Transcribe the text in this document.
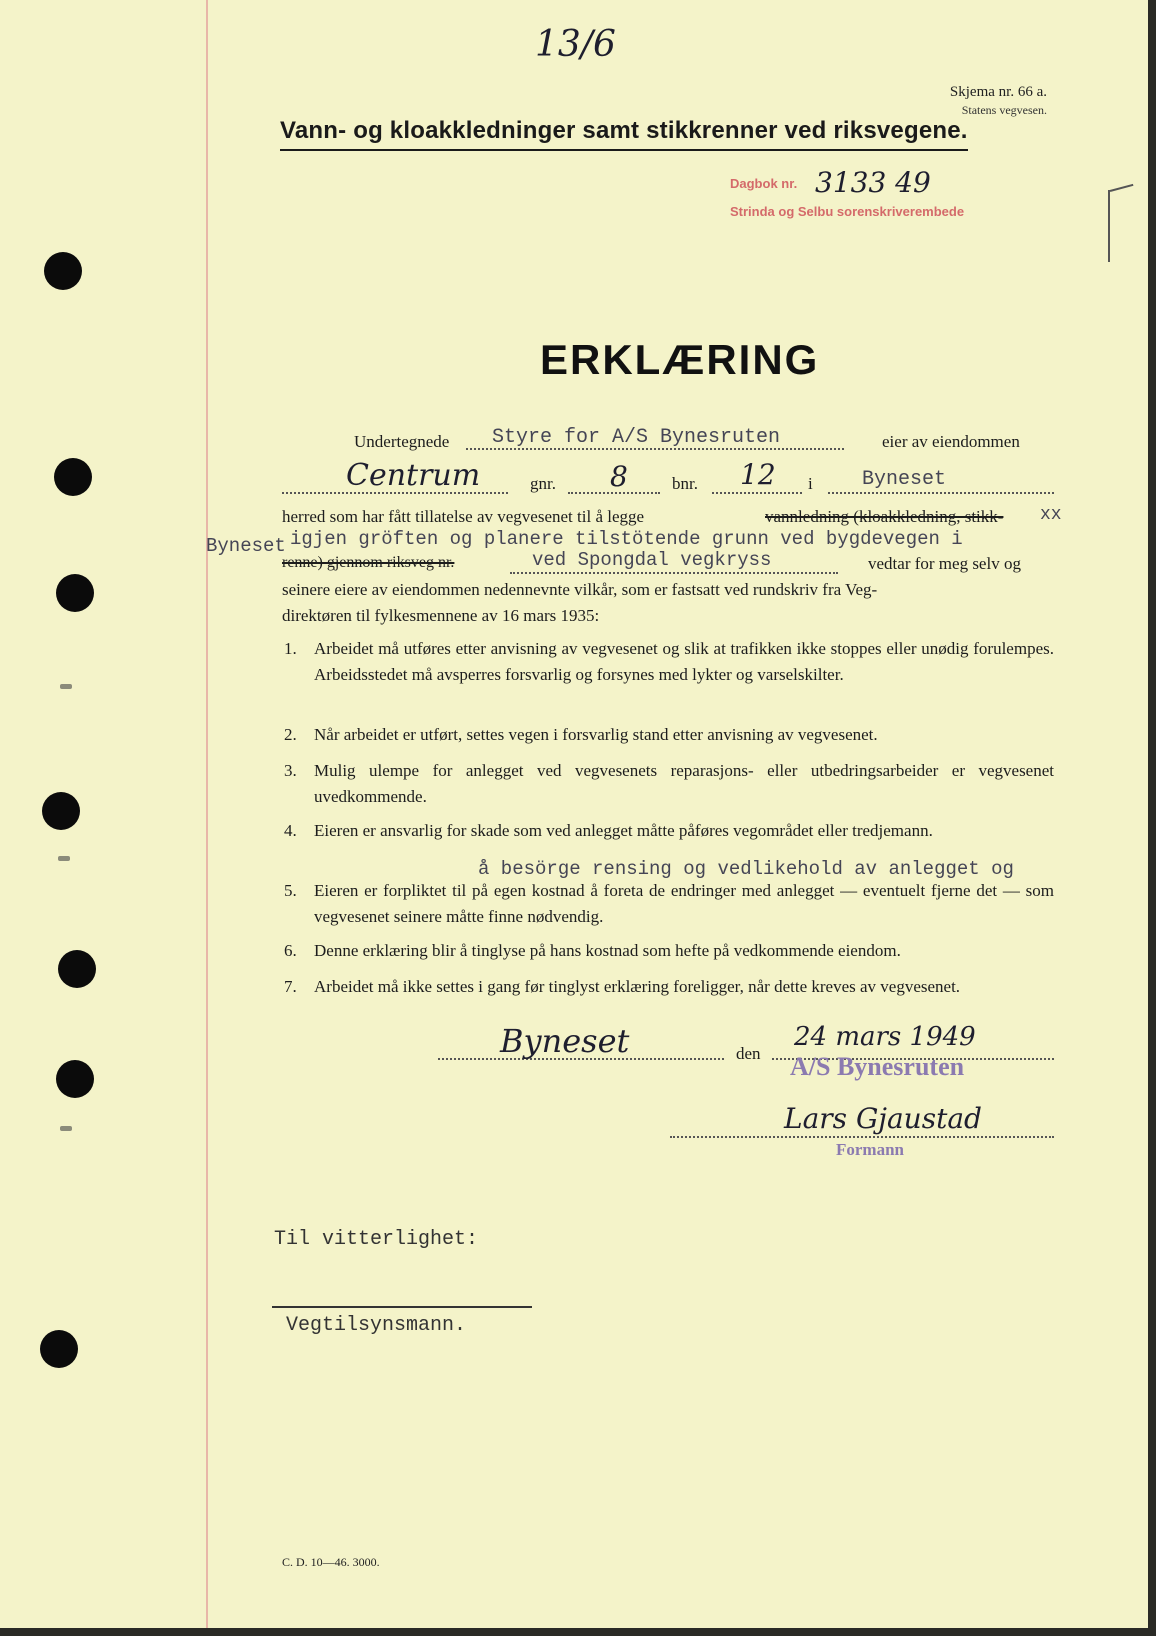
13/6
Skjema nr. 66 a.
Statens vegvesen.
Vann- og kloakkledninger samt stikkrenner ved riksvegene.
Dagbok nr. 3133 49
Strinda og Selbu sorenskriverembede
ERKLÆRING
Undertegnede Styre for A/S Bynesruten	eier av eiendommen
Centrum	gnr. 8	bnr. 12 i Byneset
herred som har fått tillatelse av vegvesenet til å legge	vannledning (kloakkledning, stikk- xx
Byneset igjen gröften og planere tilstötende grunn ved bygdevegen i
renne) gjennom riksveg nr.	ved Spongdal vegkryss	vedtar for meg selv og
seinere eiere av eiendommen nedennevnte vilkår, som er fastsatt ved rundskriv fra Veg-
direktøren til fylkesmennene av 16 mars 1935:
1.	Arbeidet må utføres etter anvisning av vegvesenet og slik at trafikken ikke stoppes eller unødig forulempes. Arbeidsstedet må avsperres forsvarlig og forsynes med lykter og varselskilter.
2.	Når arbeidet er utført, settes vegen i forsvarlig stand etter anvisning av vegvesenet.
3.	Mulig ulempe for anlegget ved vegvesenets reparasjons- eller utbedringsarbeider er vegvesenet uvedkommende.
4.	Eieren er ansvarlig for skade som ved anlegget måtte påføres vegområdet eller tredjemann.
å besörge rensing og vedlikehold av anlegget og
5.	Eieren er forpliktet til på egen kostnad å foreta de endringer med anlegget — eventuelt fjerne det — som vegvesenet seinere måtte finne nødvendig.
6.	Denne erklæring blir å tinglyse på hans kostnad som hefte på vedkommende eiendom.
7.	Arbeidet må ikke settes i gang før tinglyst erklæring foreligger, når dette kreves av vegvesenet.
Byneset	den
24 mars 1949
A/S Bynesruten
Lars Gjaustad
Formann
Til vitterlighet:
Vegtilsynsmann.
C. D. 10—46. 3000.
